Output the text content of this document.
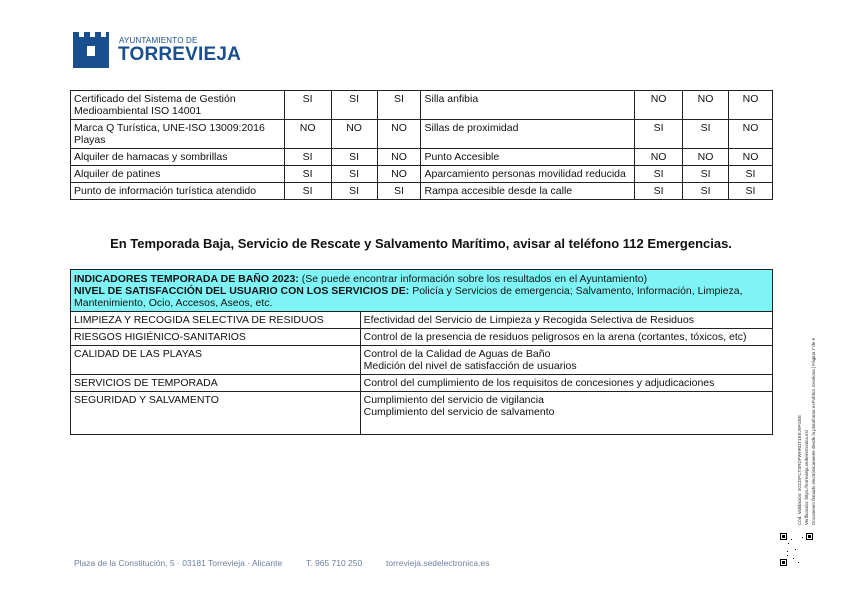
AYUNTAMIENTO DE
TORREVIEJA
Certificado del Sistema de Gestión Medioambiental ISO 14001	SI	SI	SI	Silla anfibia	NO	NO	NO
Marca Q Turística, UNE-ISO 13009:2016 Playas	NO	NO	NO	Sillas de proximidad	SI	SI	NO
Alquiler de hamacas y sombrillas	SI	SI	NO	Punto Accesible	NO	NO	NO
Alquiler de patines	SI	SI	NO	Aparcamiento personas movilidad reducida	SI	SI	SI
Punto de información turística atendido	SI	SI	SI	Rampa accesible desde la calle	SI	SI	SI
En Temporada Baja, Servicio de Rescate y Salvamento Marítimo, avisar al teléfono 112 Emergencias.
INDICADORES TEMPORADA DE BAÑO 2023: (Se puede encontrar información sobre los resultados en el Ayuntamiento)
NIVEL DE SATISFACCIÓN DEL USUARIO CON LOS SERVICIOS DE: Policía y Servicios de emergencia; Salvamento, Información, Limpieza, Mantenimiento, Ocio, Accesos, Aseos, etc.	
LIMPIEZA Y RECOGIDA SELECTIVA DE RESIDUOS	Efectividad del Servicio de Limpieza y Recogida Selectiva de Residuos

RIESGOS HIGIÉNICO-SANITARIOS	Control de la presencia de residuos peligrosos en la arena (cortantes, tóxicos, etc)

CALIDAD DE LAS PLAYAS	Control de la Calidad de Aguas de Baño
Medición del nivel de satisfacción de usuarios

SERVICIOS DE TEMPORADA	Control del cumplimiento de los requisitos de concesiones y adjudicaciones

SEGURIDAD Y SALVAMENTO	Cumplimiento del servicio de vigilancia
Cumplimiento del servicio de salvamento
Cód. Validación: 3GCDPCTSRDFWHRDT4EEJ9PGEE Verificación: https://torrevieja.sedelectronica.es/ Documento firmado electrónicamente desde la plataforma esPublico Gestiona | Página 7 de 8
Plaza de la Constitución, 5 · 03181 Torrevieja · Alicante	T. 965 710 250	torrevieja.sedelectronica.es
